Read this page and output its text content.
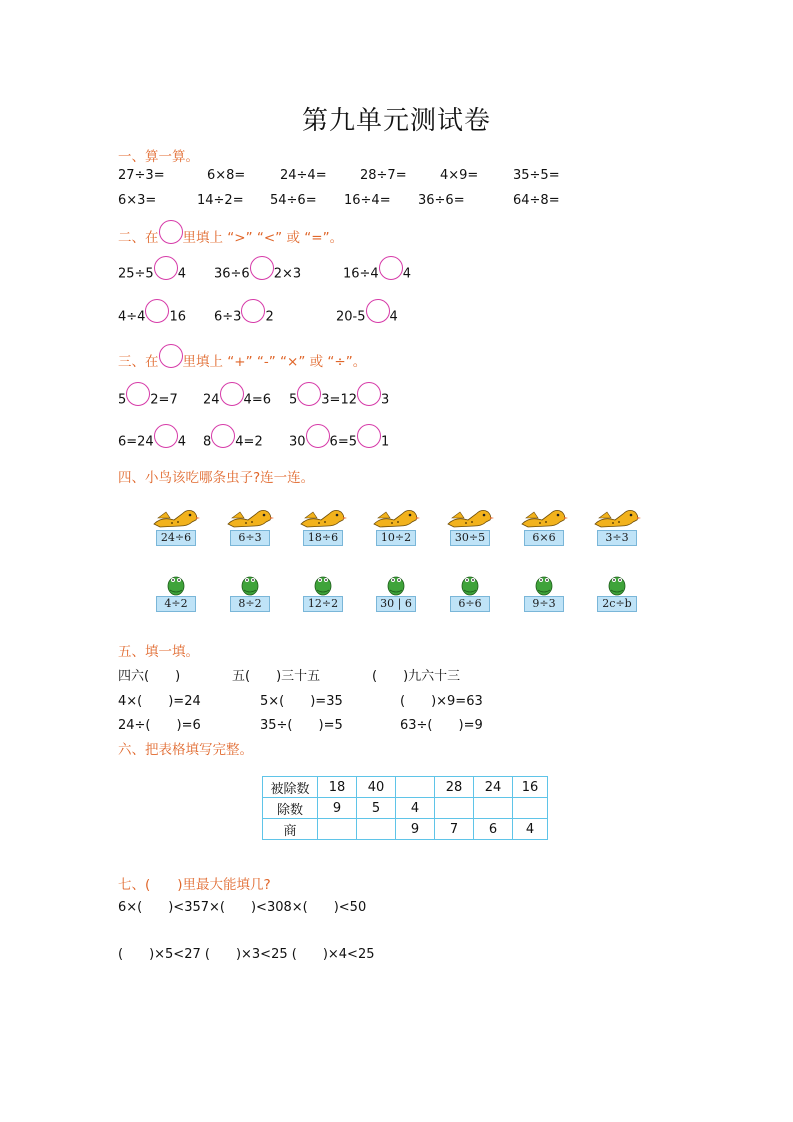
第九单元测试卷
一、算一算。
27÷3=	6×8=	24÷4=	28÷7=	4×9=	35÷5=
6×3=	14÷2= 54÷6= 16÷4= 36÷6=	64÷8=
二、在 里填上 “>” “<” 或 “=”。
25÷5 4 36÷6 2×3	16÷4 4
4÷4 16 6÷3 2	20-5 4
三、在 里填上 “+” “-” “×” 或 “÷”。
5 2=7 24 4=6 5 3=12 3
6=24 4 8 4=2 30 6=5 1
四、小鸟该吃哪条虫子?连一连。
24÷6	6÷3	18÷6	10÷2	30÷5	6×6	3÷3
4÷2	8÷2	12÷2	30 | 6	6÷6	9÷3	2c÷b
五、填一填。
四六(　　)	五(　　)三十五	(　　)九六十三
4×(　　)=24	5×(　　)=35	(　　)×9=63
24÷(　　)=6	35÷(　　)=5	63÷(　　)=9
六、把表格填写完整。
被除数	18	40		28	24	16
除数	9	5	4			
商			9	7	6	4
七、(　　)里最大能填几?
6×(　　)<357×(　　)<308×(　　)<50
(　　)×5<27 (　　)×3<25 (　　)×4<25
